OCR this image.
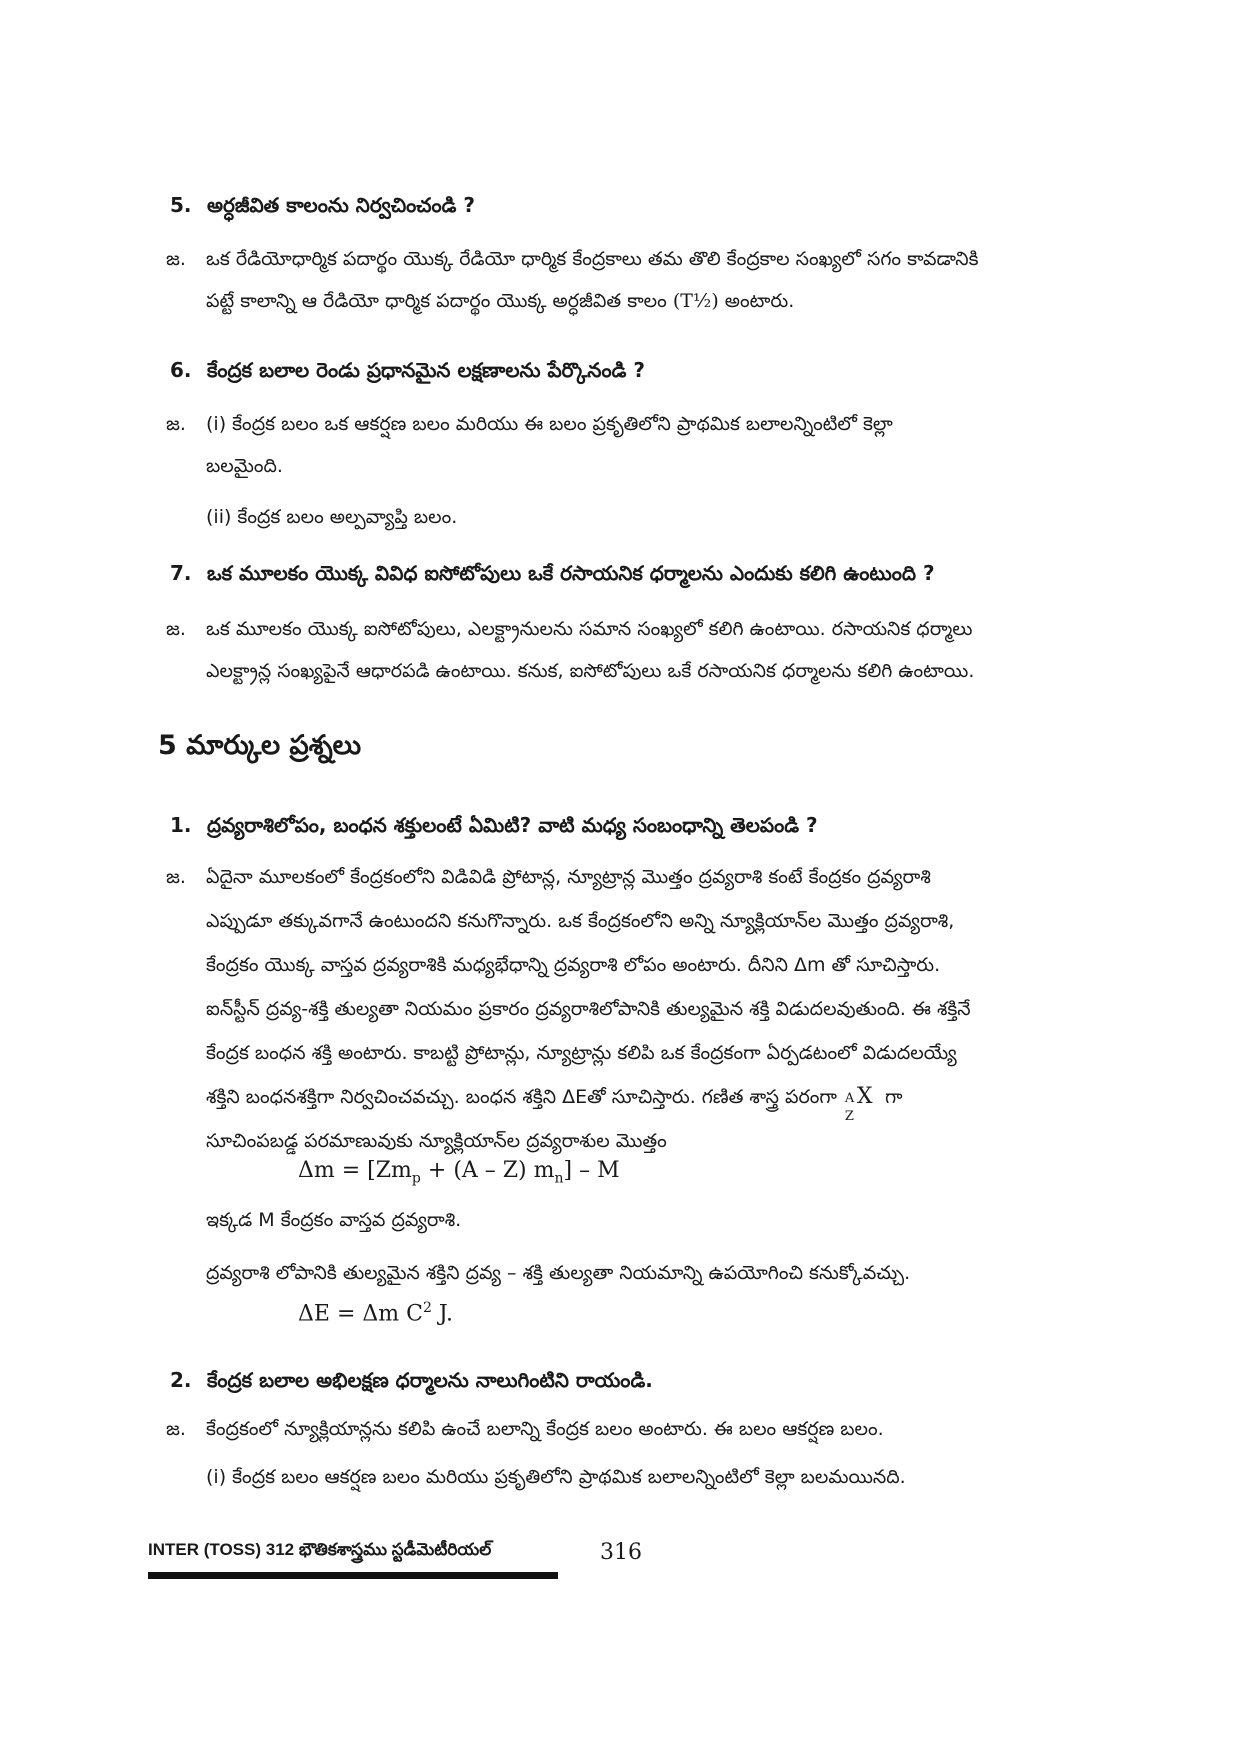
5. అర్ధజీవిత కాలంను నిర్వచించండి ?
జ. ఒక రేడియోధార్మిక పదార్థం యొక్క రేడియో ధార్మిక కేంద్రకాలు తమ తొలి కేంద్రకాల సంఖ్యలో సగం కావడానికి
పట్టే కాలాన్ని ఆ రేడియో ధార్మిక పదార్థం యొక్క అర్ధజీవిత కాలం (T½) అంటారు.
6. కేంద్రక బలాల రెండు ప్రధానమైన లక్షణాలను పేర్కొనండి ?
జ. (i) కేంద్రక బలం ఒక ఆకర్షణ బలం మరియు ఈ బలం ప్రకృతిలోని ప్రాథమిక బలాలన్నింటిలో కెల్లా
బలమైంది.
(ii) కేంద్రక బలం అల్పవ్యాప్తి బలం.
7. ఒక మూలకం యొక్క వివిధ ఐసోటోపులు ఒకే రసాయనిక ధర్మాలను ఎందుకు కలిగి ఉంటుంది ?
జ. ఒక మూలకం యొక్క ఐసోటోపులు, ఎలక్ట్రానులను సమాన సంఖ్యలో కలిగి ఉంటాయి. రసాయనిక ధర్మాలు
ఎలక్ట్రాన్ల సంఖ్యపైనే ఆధారపడి ఉంటాయి. కనుక, ఐసోటోపులు ఒకే రసాయనిక ధర్మాలను కలిగి ఉంటాయి.
5 మార్కుల ప్రశ్నలు
1. ద్రవ్యరాశిలోపం, బంధన శక్తులంటే ఏమిటి? వాటి మధ్య సంబంధాన్ని తెలపండి ?
జ. ఏదైనా మూలకంలో కేంద్రకంలోని విడివిడి ప్రోటాన్ల, న్యూట్రాన్ల మొత్తం ద్రవ్యరాశి కంటే కేంద్రకం ద్రవ్యరాశి
ఎప్పుడూ తక్కువగానే ఉంటుందని కనుగొన్నారు. ఒక కేంద్రకంలోని అన్ని న్యూక్లియాన్‌ల మొత్తం ద్రవ్యరాశి,
కేంద్రకం యొక్క వాస్తవ ద్రవ్యరాశికి మధ్యభేధాన్ని ద్రవ్యరాశి లోపం అంటారు. దీనిని Δm తో సూచిస్తారు.
ఐన్‌స్టీన్ ద్రవ్య-శక్తి తుల్యతా నియమం ప్రకారం ద్రవ్యరాశిలోపానికి తుల్యమైన శక్తి విడుదలవుతుంది. ఈ శక్తినే
కేంద్రక బంధన శక్తి అంటారు. కాబట్టి ప్రోటాన్లు, న్యూట్రాన్లు కలిపి ఒక కేంద్రకంగా ఏర్పడటంలో విడుదలయ్యే
శక్తిని బంధనశక్తిగా నిర్వచించవచ్చు. బంధన శక్తిని ΔEతో సూచిస్తారు. గణిత శాస్త్ర పరంగా A
Z
X గా
సూచింపబడ్డ పరమాణువుకు న్యూక్లియాన్‌ల ద్రవ్యరాశుల మొత్తం
$\Delta m = [Zm_p + (A - Z)$ $m_n$] – M
ఇక్కడ M కేంద్రకం వాస్తవ ద్రవ్యరాశి.
ద్రవ్యరాశి లోపానికి తుల్యమైన శక్తిని ద్రవ్య – శక్తి తుల్యతా నియమాన్ని ఉపయోగించి కనుక్కోవచ్చు.
ΔE = Δm $C^2$ J.
2. కేంద్రక బలాల అభిలక్షణ ధర్మాలను నాలుగింటిని రాయండి.
జ. కేంద్రకంలో న్యూక్లియాన్లను కలిపి ఉంచే బలాన్ని కేంద్రక బలం అంటారు. ఈ బలం ఆకర్షణ బలం.
(i) కేంద్రక బలం ఆకర్షణ బలం మరియు ప్రకృతిలోని ప్రాథమిక బలాలన్నింటిలో కెల్లా బలమయినది.
INTER (TOSS) 312 భౌతికశాస్త్రము స్టడీమెటీరియల్	316
